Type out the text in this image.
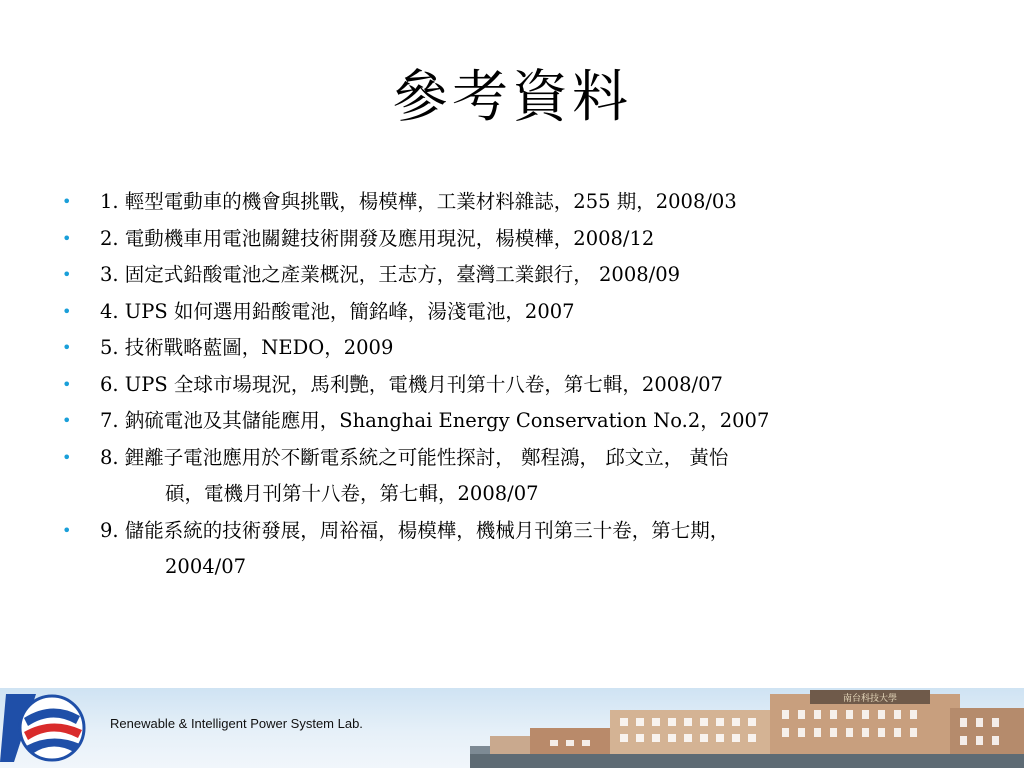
參考資料
• 1. 輕型電動車的機會與挑戰，楊模樺，工業材料雜誌，255 期，2008/03
• 2. 電動機車用電池關鍵技術開發及應用現況，楊模樺，2008/12
• 3. 固定式鉛酸電池之產業概況，王志方，臺灣工業銀行， 2008/09
• 4. UPS 如何選用鉛酸電池，簡銘峰，湯淺電池，2007
• 5. 技術戰略藍圖，NEDO，2009
• 6. UPS 全球市場現況，馬利艷，電機月刊第十八卷，第七輯，2008/07
• 7. 鈉硫電池及其儲能應用，Shanghai Energy Conservation No.2，2007
• 8. 鋰離子電池應用於不斷電系統之可能性探討， 鄭程鴻， 邱文立， 黃怡
碩，電機月刊第十八卷，第七輯，2008/07
• 9. 儲能系統的技術發展，周裕福，楊模樺，機械月刊第三十卷，第七期，
2004/07
Renewable & Intelligent Power System Lab.
南台科技大學
